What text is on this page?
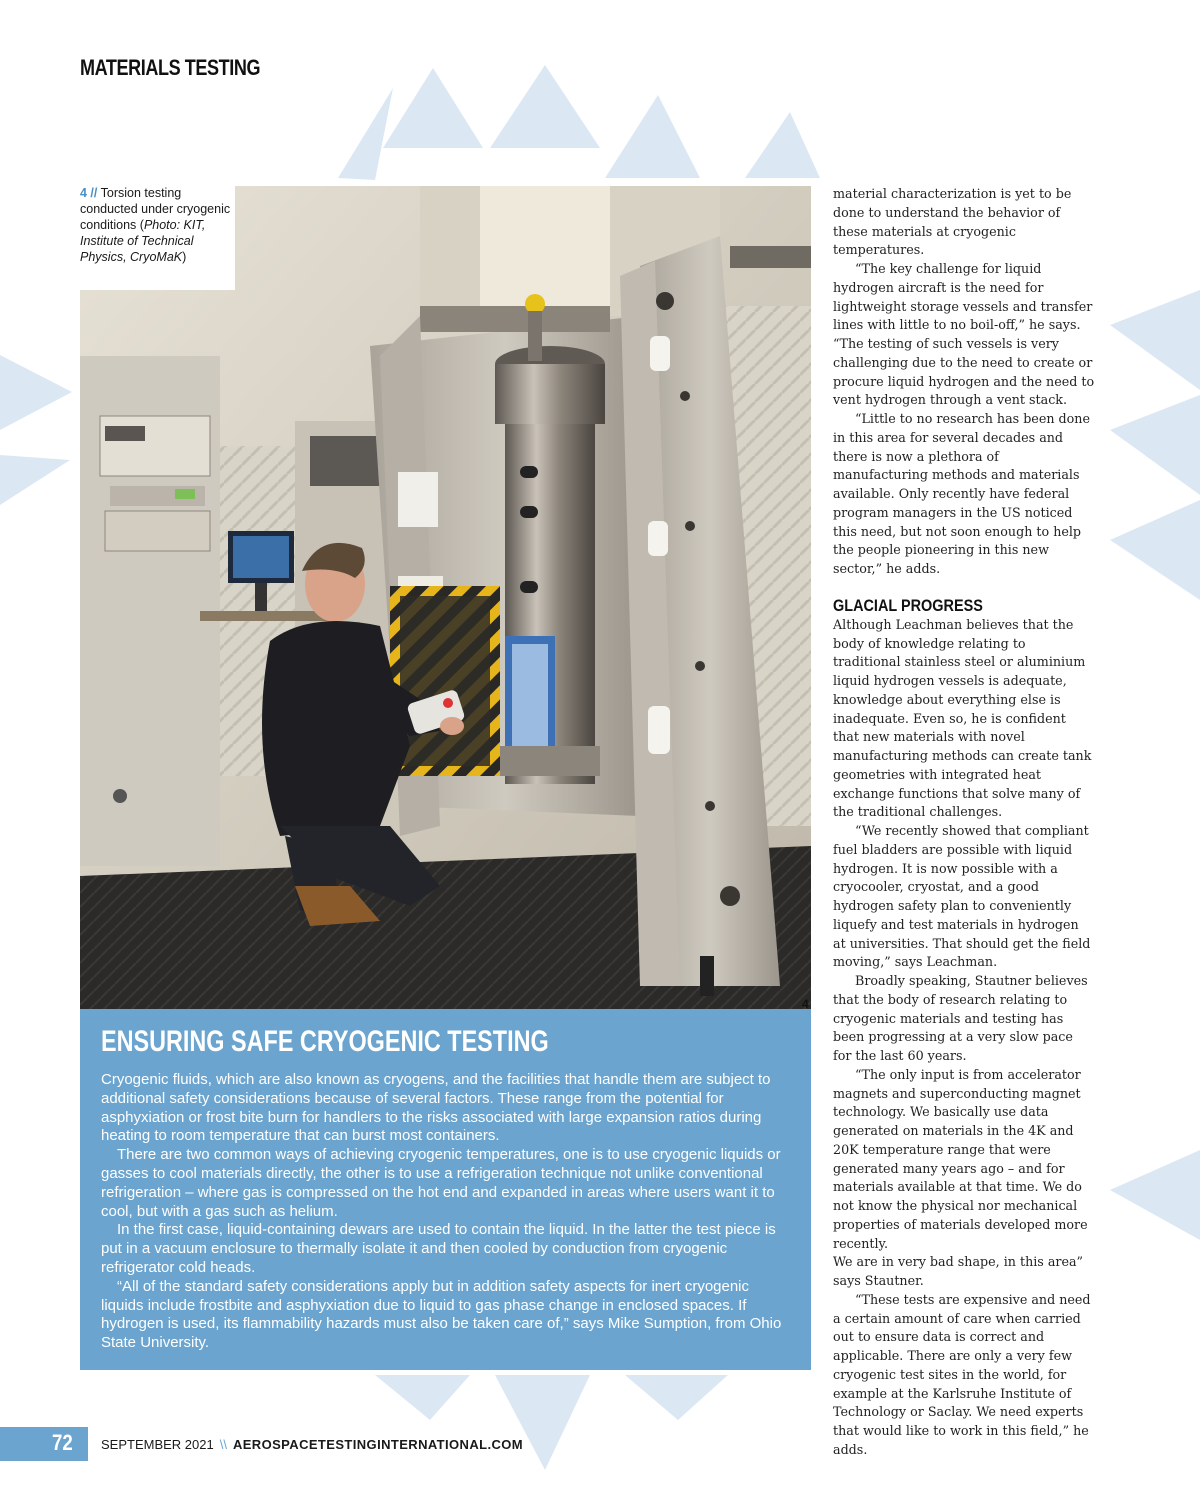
MATERIALS TESTING
4 // Torsion testing conducted under cryogenic conditions (Photo: KIT, Institute of Technical Physics, CryoMaK)
4
ENSURING SAFE CRYOGENIC TESTING

Cryogenic fluids, which are also known as cryogens, and the facilities that handle them are subject to additional safety considerations because of several factors. These range from the potential for asphyxiation or frost bite burn for handlers to the risks associated with large expansion ratios during heating to room temperature that can burst most containers.

There are two common ways of achieving cryogenic temperatures, one is to use cryogenic liquids or gasses to cool materials directly, the other is to use a refrigeration technique not unlike conventional refrigeration – where gas is compressed on the hot end and expanded in areas where users want it to cool, but with a gas such as helium.

In the first case, liquid-containing dewars are used to contain the liquid. In the latter the test piece is put in a vacuum enclosure to thermally isolate it and then cooled by conduction from cryogenic refrigerator cold heads.

“All of the standard safety considerations apply but in addition safety aspects for inert cryogenic liquids include frostbite and asphyxiation due to liquid to gas phase change in enclosed spaces. If hydrogen is used, its flammability hazards must also be taken care of,” says Mike Sumption, from Ohio State University.

material characterization is yet to be done to understand the behavior of these materials at cryogenic temperatures.

“The key challenge for liquid hydrogen aircraft is the need for lightweight storage vessels and transfer lines with little to no boil-off,” he says. “The testing of such vessels is very challenging due to the need to create or procure liquid hydrogen and the need to vent hydrogen through a vent stack.

“Little to no research has been done in this area for several decades and there is now a plethora of manufacturing methods and materials available. Only recently have federal program managers in the US noticed this need, but not soon enough to help the people pioneering in this new sector,” he adds.

GLACIAL PROGRESS

Although Leachman believes that the body of knowledge relating to traditional stainless steel or aluminium liquid hydrogen vessels is adequate, knowledge about everything else is inadequate. Even so, he is confident that new materials with novel manufacturing methods can create tank geometries with integrated heat exchange functions that solve many of the traditional challenges.

“We recently showed that compliant fuel bladders are possible with liquid hydrogen. It is now possible with a cryocooler, cryostat, and a good hydrogen safety plan to conveniently liquefy and test materials in hydrogen at universities. That should get the field moving,” says Leachman.

Broadly speaking, Stautner believes that the body of research relating to cryogenic materials and testing has been progressing at a very slow pace for the last 60 years.

“The only input is from accelerator magnets and superconducting magnet technology. We basically use data generated on materials in the 4K and 20K temperature range that were generated many years ago – and for materials available at that time. We do not know the physical nor mechanical properties of materials developed more recently.

We are in very bad shape, in this area” says Stautner.

“These tests are expensive and need a certain amount of care when carried out to ensure data is correct and applicable. There are only a very few cryogenic test sites in the world, for example at the Karlsruhe Institute of Technology or Saclay. We need experts that would like to work in this field,” he adds.

72 SEPTEMBER 2021 \\ AEROSPACETESTINGINTERNATIONAL.COM
